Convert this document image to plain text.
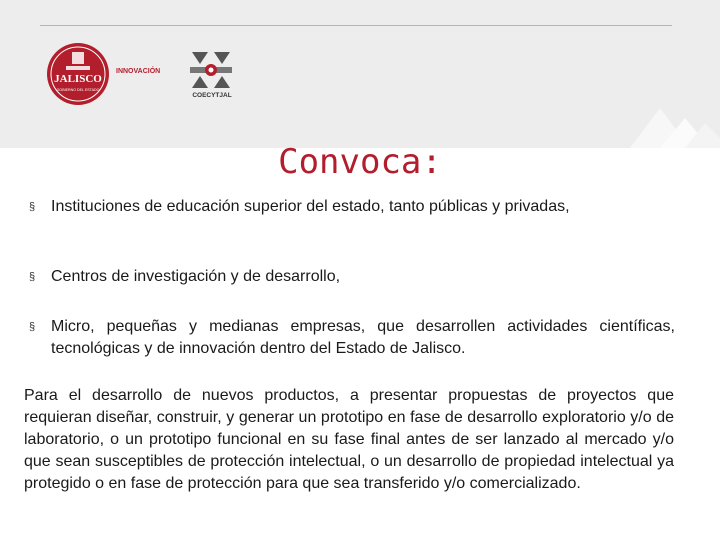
JALISCO
GOBIERNO DEL ESTADO
INNOVACIÓN
COECYTJAL
Convoca:
§ Instituciones de educación superior del estado, tanto públicas y privadas,
§ Centros de investigación y de desarrollo,
§ Micro, pequeñas y medianas empresas, que desarrollen actividades científicas, tecnológicas y de innovación dentro del Estado de Jalisco.
Para el desarrollo de nuevos productos, a presentar propuestas de proyectos que requieran diseñar, construir, y generar un prototipo en fase de desarrollo exploratorio y/o de laboratorio, o un prototipo funcional en su fase final antes de ser lanzado al mercado y/o que sean susceptibles de protección intelectual, o un desarrollo de propiedad intelectual ya protegido o en fase de protección para que sea transferido y/o comercializado.
